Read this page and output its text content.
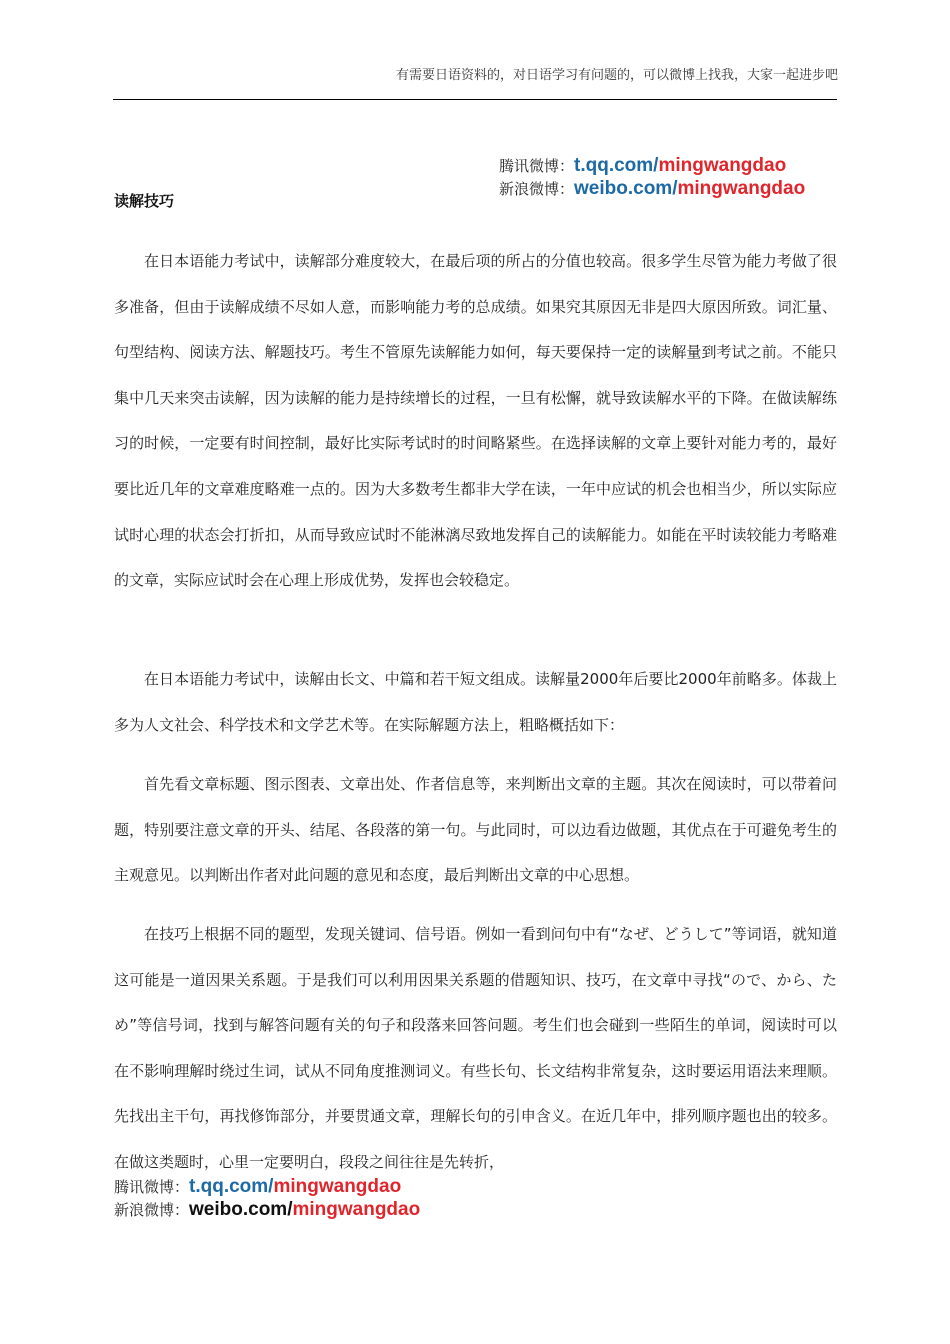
有需要日语资料的，对日语学习有问题的，可以微博上找我，大家一起进步吧
腾讯微博：t.qq.com/mingwangdao
新浪微博：weibo.com/mingwangdao
读解技巧

在日本语能力考试中，读解部分难度较大，在最后项的所占的分值也较高。很多学生尽管为能力考做了很多准备，但由于读解成绩不尽如人意，而影响能力考的总成绩。如果究其原因无非是四大原因所致。词汇量、句型结构、阅读方法、解题技巧。考生不管原先读解能力如何，每天要保持一定的读解量到考试之前。不能只集中几天来突击读解，因为读解的能力是持续增长的过程，一旦有松懈，就导致读解水平的下降。在做读解练习的时候，一定要有时间控制，最好比实际考试时的时间略紧些。在选择读解的文章上要针对能力考的，最好要比近几年的文章难度略难一点的。因为大多数考生都非大学在读，一年中应试的机会也相当少，所以实际应试时心理的状态会打折扣，从而导致应试时不能淋漓尽致地发挥自己的读解能力。如能在平时读较能力考略难的文章，实际应试时会在心理上形成优势，发挥也会较稳定。

在日本语能力考试中，读解由长文、中篇和若干短文组成。读解量2000年后要比2000年前略多。体裁上多为人文社会、科学技术和文学艺术等。在实际解题方法上，粗略概括如下：

首先看文章标题、图示图表、文章出处、作者信息等，来判断出文章的主题。其次在阅读时，可以带着问题，特别要注意文章的开头、结尾、各段落的第一句。与此同时，可以边看边做题，其优点在于可避免考生的主观意见。以判断出作者对此问题的意见和态度，最后判断出文章的中心思想。

在技巧上根据不同的题型，发现关键词、信号语。例如一看到问句中有“なぜ、どうして”等词语，就知道这可能是一道因果关系题。于是我们可以利用因果关系题的借题知识、技巧，在文章中寻找“ので、から、ため”等信号词，找到与解答问题有关的句子和段落来回答问题。考生们也会碰到一些陌生的单词，阅读时可以在不影响理解时绕过生词，试从不同角度推测词义。有些长句、长文结构非常复杂，这时要运用语法来理顺。先找出主干句，再找修饰部分，并要贯通文章，理解长句的引申含义。在近几年中，排列顺序题也出的较多。在做这类题时，心里一定要明白，段段之间往往是先转折，

腾讯微博：t.qq.com/mingwangdao
新浪微博：weibo.com/mingwangdao
